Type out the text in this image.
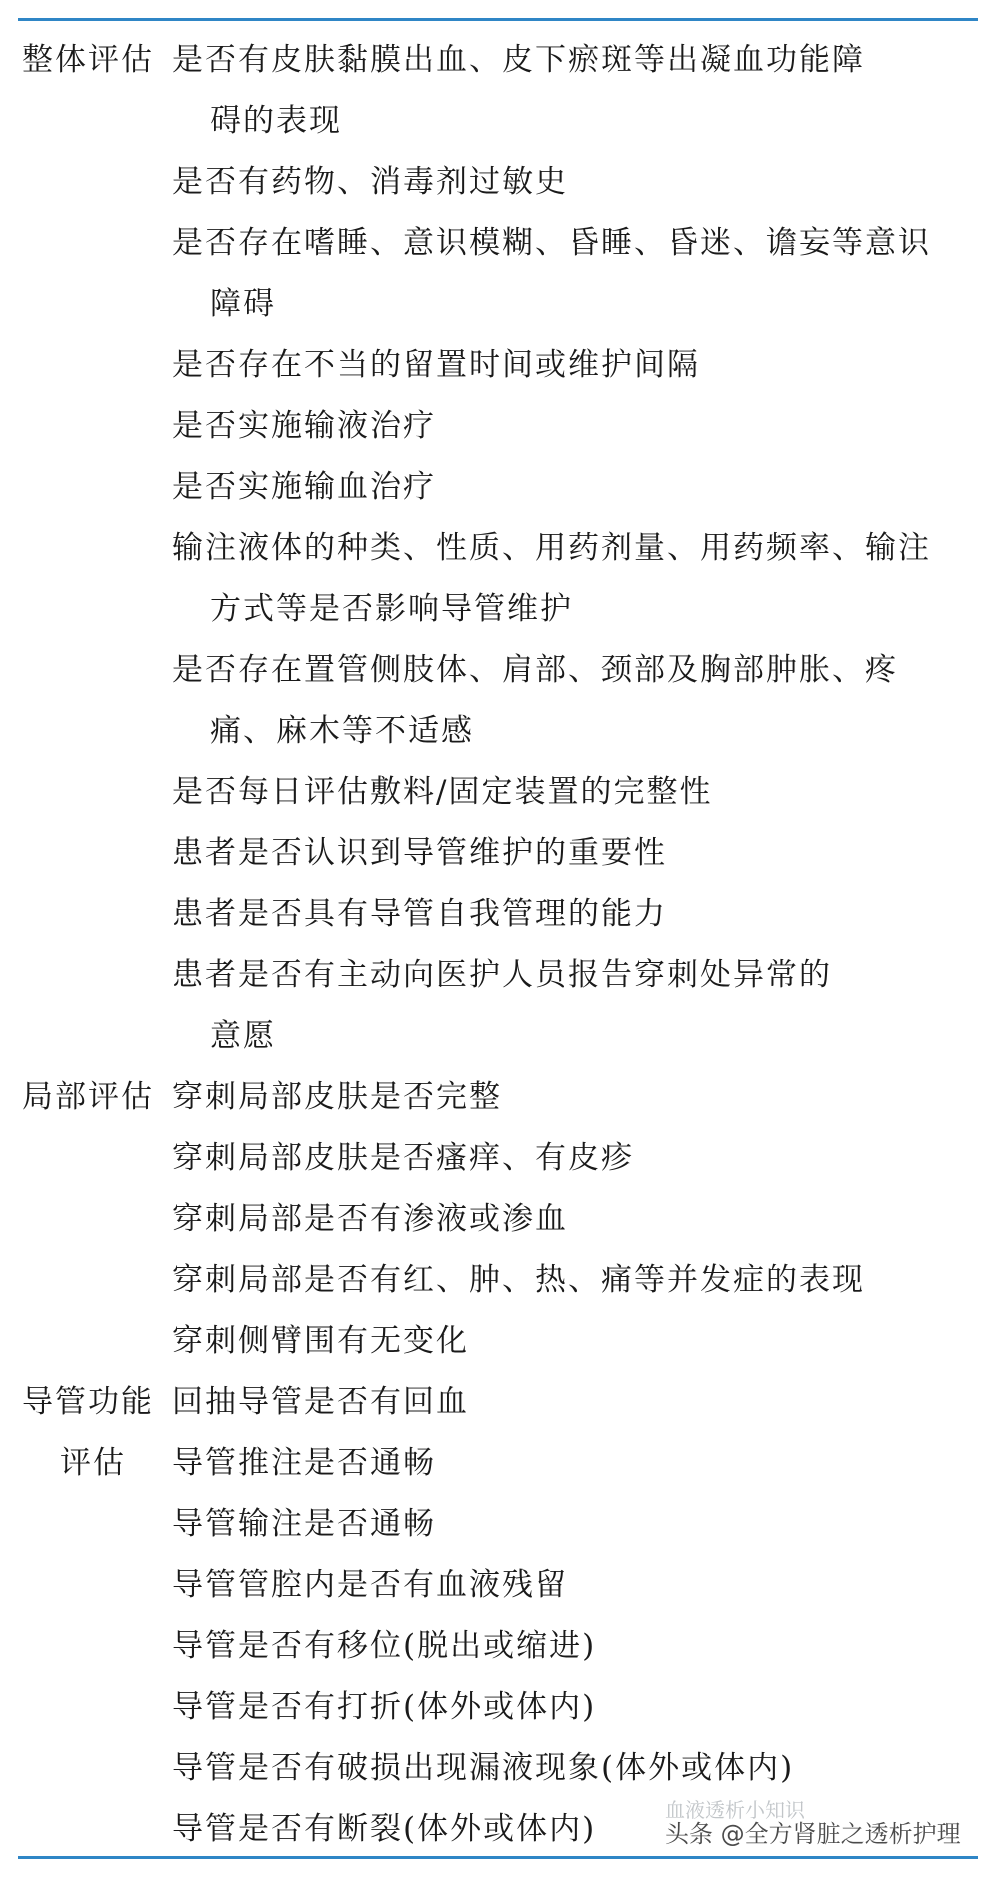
整体评估 是否有皮肤黏膜出血、皮下瘀斑等出凝血功能障
碍的表现
是否有药物、消毒剂过敏史
是否存在嗜睡、意识模糊、昏睡、昏迷、谵妄等意识
障碍
是否存在不当的留置时间或维护间隔
是否实施输液治疗
是否实施输血治疗
输注液体的种类、性质、用药剂量、用药频率、输注
方式等是否影响导管维护
是否存在置管侧肢体、肩部、颈部及胸部肿胀、疼
痛、麻木等不适感
是否每日评估敷料/固定装置的完整性
患者是否认识到导管维护的重要性
患者是否具有导管自我管理的能力
患者是否有主动向医护人员报告穿刺处异常的
意愿
局部评估 穿刺局部皮肤是否完整
穿刺局部皮肤是否瘙痒、有皮疹
穿刺局部是否有渗液或渗血
穿刺局部是否有红、肿、热、痛等并发症的表现
穿刺侧臂围有无变化
导管功能
评估
回抽导管是否有回血
导管推注是否通畅
导管输注是否通畅
导管管腔内是否有血液残留
导管是否有移位(脱出或缩进)
导管是否有打折(体外或体内)
导管是否有破损出现漏液现象(体外或体内)
导管是否有断裂(体外或体内)
血液透析小知识
头条 @全方肾脏之透析护理
